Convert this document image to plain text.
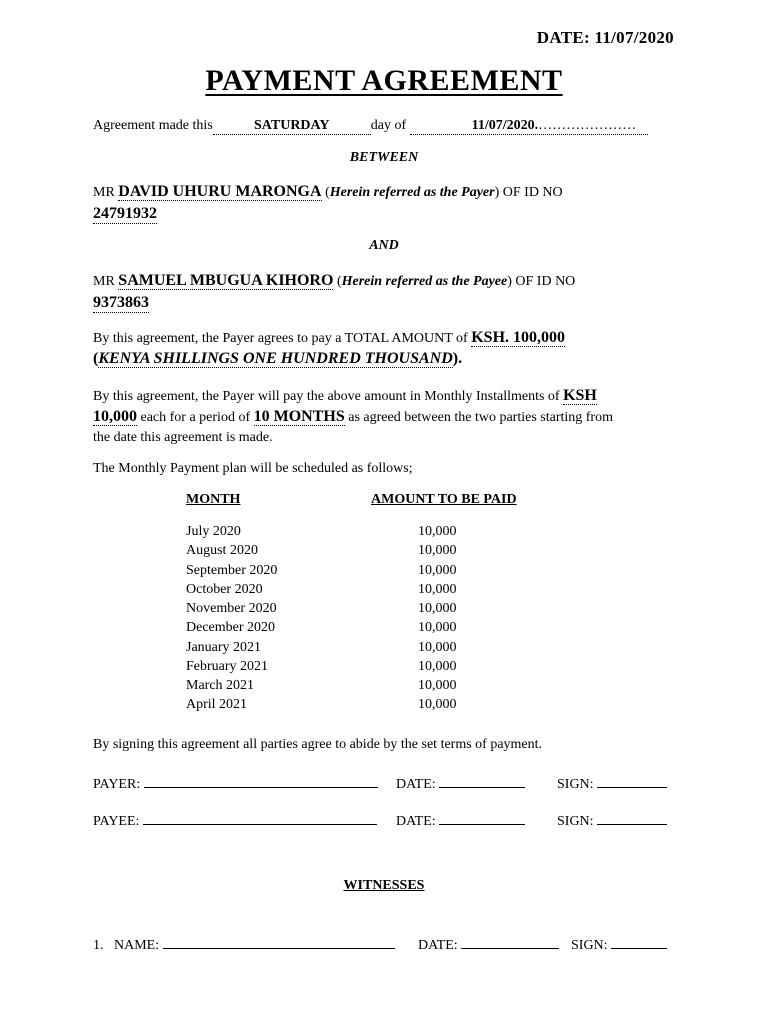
DATE: 11/07/2020
PAYMENT AGREEMENT
Agreement made this	SATURDAY	day of	11/07/2020.…………………
BETWEEN
MR DAVID UHURU MARONGA (Herein referred as the Payer) OF ID NO
24791932
AND
MR SAMUEL MBUGUA KIHORO (Herein referred as the Payee) OF ID NO
9373863
By this agreement, the Payer agrees to pay a TOTAL AMOUNT of KSH. 100,000
(KENYA SHILLINGS ONE HUNDRED THOUSAND).
By this agreement, the Payer will pay the above amount in Monthly Installments of KSH
10,000 each for a period of 10 MONTHS as agreed between the two parties starting from
the date this agreement is made.
The Monthly Payment plan will be scheduled as follows;
MONTH	AMOUNT TO BE PAID
July 2020	10,000
August 2020	10,000
September 2020	10,000
October 2020	10,000
November 2020	10,000
December 2020	10,000
January 2021	10,000
February 2021	10,000
March 2021	10,000
April 2021	10,000
By signing this agreement all parties agree to abide by the set terms of payment.
PAYER:	DATE:	SIGN:
PAYEE:	DATE:	SIGN:
WITNESSES
1. NAME:	DATE:	SIGN:
